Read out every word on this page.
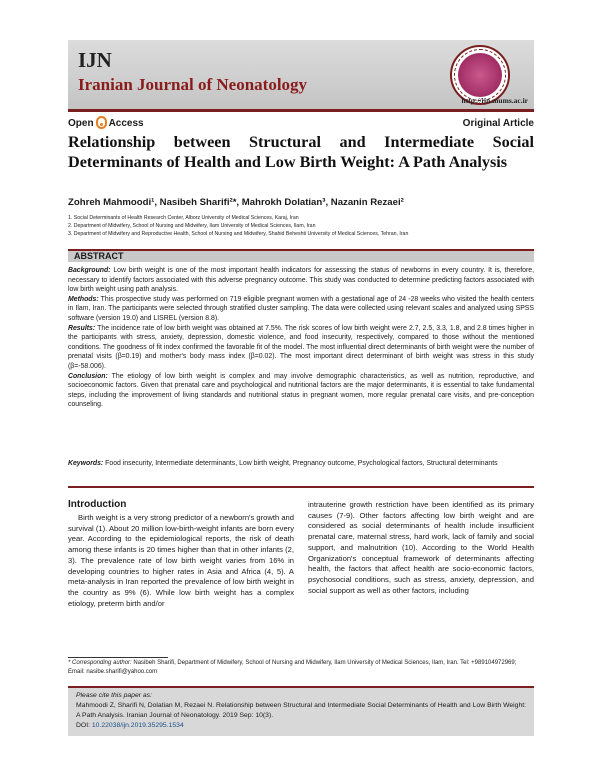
IJN
Iranian Journal of Neonatology
http://ijn.mums.ac.ir
Open Access	Original Article
Relationship between Structural and Intermediate Social Determinants of Health and Low Birth Weight: A Path Analysis
Zohreh Mahmoodi¹, Nasibeh Sharifi²*, Mahrokh Dolatian³, Nazanin Rezaei²
1. Social Determinants of Health Research Center, Alborz University of Medical Sciences, Karaj, Iran
2. Department of Midwifery, School of Nursing and Midwifery, Ilam University of Medical Sciences, Ilam, Iran
3. Department of Midwifery and Reproductive Health, School of Nursing and Midwifery, Shahid Beheshti University of Medical Sciences, Tehran, Iran
ABSTRACT

Background: Low birth weight is one of the most important health indicators for assessing the status of newborns in every country. It is, therefore, necessary to identify factors associated with this adverse pregnancy outcome. This study was conducted to determine predicting factors associated with low birth weight using path analysis.

Methods: This prospective study was performed on 719 eligible pregnant women with a gestational age of 24 -28 weeks who visited the health centers in Ilam, Iran. The participants were selected through stratified cluster sampling. The data were collected using relevant scales and analyzed using SPSS software (version 19.0) and LISREL (version 8.8).

Results: The incidence rate of low birth weight was obtained at 7.5%. The risk scores of low birth weight were 2.7, 2.5, 3.3, 1.8, and 2.8 times higher in the participants with stress, anxiety, depression, domestic violence, and food insecurity, respectively, compared to those without the mentioned conditions. The goodness of fit index confirmed the favorable fit of the model. The most influential direct determinants of birth weight were the number of prenatal visits (β=0.19) and mother's body mass index (β=0.02). The most important direct determinant of birth weight was stress in this study (β=-58.006).

Conclusion: The etiology of low birth weight is complex and may involve demographic characteristics, as well as nutrition, reproductive, and socioeconomic factors. Given that prenatal care and psychological and nutritional factors are the major determinants, it is essential to take fundamental steps, including the improvement of living standards and nutritional status in pregnant women, more regular prenatal care visits, and pre-conception counseling.

Keywords: Food insecurity, Intermediate determinants, Low birth weight, Pregnancy outcome, Psychological factors, Structural determinants
Introduction
Birth weight is a very strong predictor of a newborn's growth and survival (1). About 20 million low-birth-weight infants are born every year. According to the epidemiological reports, the risk of death among these infants is 20 times higher than that in other infants (2, 3). The prevalence rate of low birth weight varies from 16% in developing countries to higher rates in Asia and Africa (4, 5). A meta-analysis in Iran reported the prevalence of low birth weight in the country as 9% (6). While low birth weight has a complex etiology, preterm birth and/or
intrauterine growth restriction have been identified as its primary causes (7-9). Other factors affecting low birth weight and are considered as social determinants of health include insufficient prenatal care, maternal stress, hard work, lack of family and social support, and malnutrition (10). According to the World Health Organization's conceptual framework of determinants affecting health, the factors that affect health are socio-economic factors, psychosocial conditions, such as stress, anxiety, depression, and social support as well as other factors, including
* Corresponding author: Nasibeh Sharifi, Department of Midwifery, School of Nursing and Midwifery, Ilam University of Medical Sciences, Ilam, Iran. Tel: +989104972969; Email: nasibe.sharifi@yahoo.com
Please cite this paper as:
Mahmoodi Z, Sharifi N, Dolatian M, Rezaei N. Relationship between Structural and Intermediate Social Determinants of Health and Low Birth Weight: A Path Analysis. Iranian Journal of Neonatology. 2019 Sep: 10(3).
DOI: 10.22038/ijn.2019.35295.1534
